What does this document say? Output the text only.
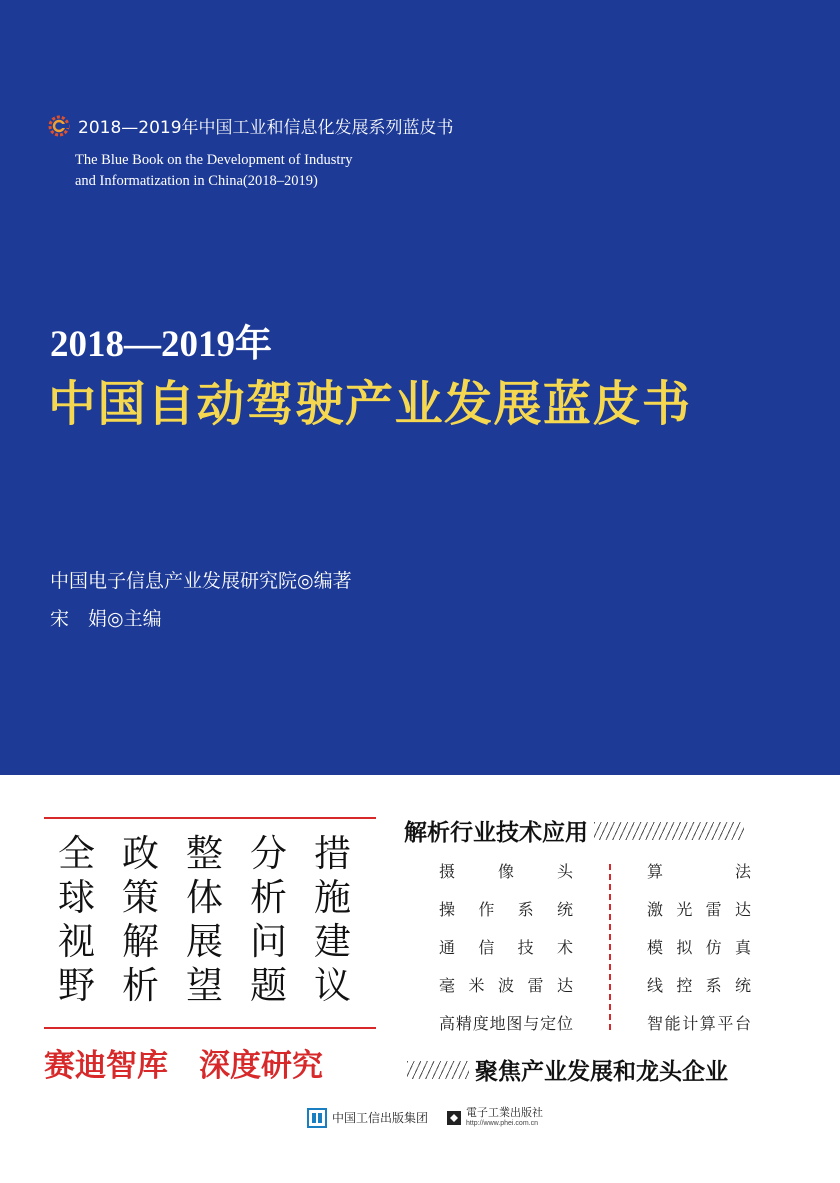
2018—2019年中国工业和信息化发展系列蓝皮书
The Blue Book on the Development of Industry
and Informatization in China(2018–2019)
2018—2019年
中国自动驾驶产业发展蓝皮书
中国电子信息产业发展研究院◎编著
宋　娟◎主编
全 政 整 分 措
球 策 体 析 施
视 解 展 问 建
野 析 望 题 议
赛迪智库　深度研究
解析行业技术应用
摄像头
操作系统
通信技术
毫米波雷达
高精度地图与定位
算法
激光雷达
模拟仿真
线控系统
智能计算平台
聚焦产业发展和龙头企业
中国工信出版集团	電子工業出版社
http://www.phei.com.cn
